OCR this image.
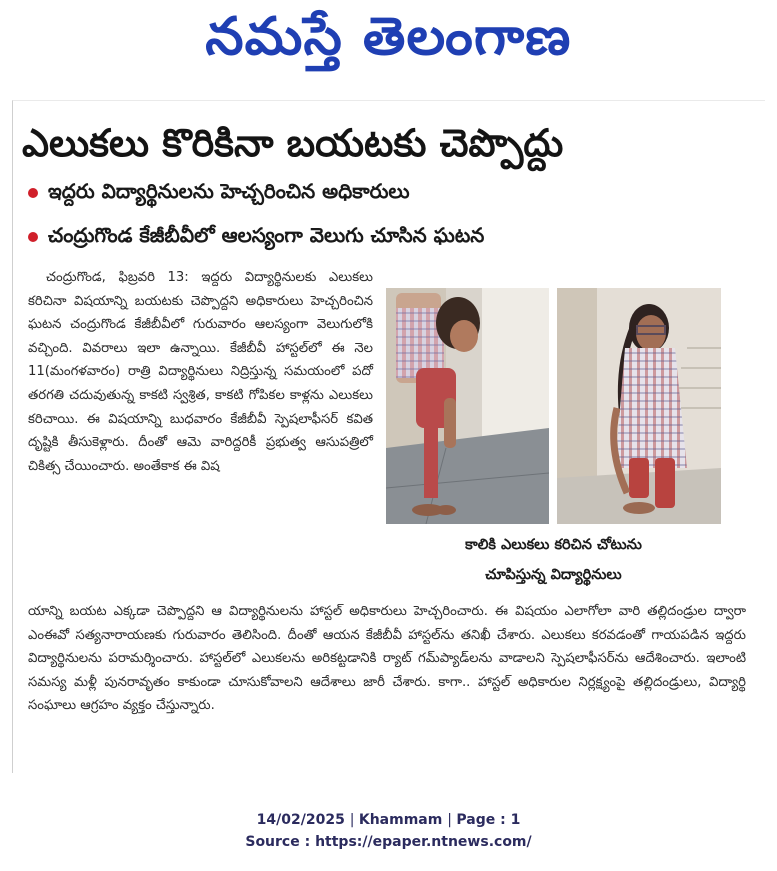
నమస్తే తెలంగాణ
ఎలుకలు కొరికినా బయటకు చెప్పొద్దు
ఇద్దరు విద్యార్థినులను హెచ్చరించిన అధికారులు
చంద్రుగొండ కేజీబీవీలో ఆలస్యంగా వెలుగు చూసిన ఘటన

చంద్రుగొండ, ఫిబ్రవరి 13: ఇద్దరు విద్యార్థినులకు ఎలుకలు కరిచినా విషయాన్ని బయటకు చెప్పొద్దని అధికారులు హెచ్చరించిన ఘటన చంద్రుగొండ కేజీబీవీలో గురువారం ఆలస్యంగా వెలుగులోకి వచ్చింది. వివరాలు ఇలా ఉన్నాయి. కేజీబీవీ హాస్టల్‌లో ఈ నెల 11(మంగళవారం) రాత్రి విద్యార్థినులు నిద్రిస్తున్న సమయంలో పదో తరగతి చదువుతున్న కాకటి స్వశ్రిత, కాకటి గోపికల కాళ్లను ఎలుకలు కరిచాయి. ఈ విషయాన్ని బుధవారం కేజీబీవీ స్పెషలాఫీసర్ కవిత దృష్టికి తీసుకెళ్లారు. దీంతో ఆమె వారిద్దరికీ ప్రభుత్వ ఆసుపత్రిలో చికిత్స చేయించారు. అంతేకాక ఈ విష

కాలికి ఎలుకలు కరిచిన చోటును
చూపిస్తున్న విద్యార్థినులు

యాన్ని బయట ఎక్కడా చెప్పొద్దని ఆ విద్యార్థినులను హాస్టల్ అధికారులు హెచ్చరించారు. ఈ విషయం ఎలాగోలా వారి తల్లిదండ్రుల ద్వారా ఎంఈవో సత్యనారాయణకు గురువారం తెలిసింది. దీంతో ఆయన కేజీబీవీ హాస్టల్‌ను తనిఖీ చేశారు. ఎలుకలు కరవడంతో గాయపడిన ఇద్దరు విద్యార్థినులను పరామర్శించారు. హాస్టల్‌లో ఎలుకలను అరికట్టడానికి ర్యాట్ గమ్‌ప్యాడ్‌లను వాడాలని స్పెషలాఫీసర్‌ను ఆదేశించారు. ఇలాంటి సమస్య మళ్లీ పునరావృతం కాకుండా చూసుకోవాలని ఆదేశాలు జారీ చేశారు. కాగా.. హాస్టల్ అధికారుల నిర్లక్ష్యంపై తల్లిదండ్రులు, విద్యార్థి సంఘాలు ఆగ్రహం వ్యక్తం చేస్తున్నారు.

14/02/2025 | Khammam | Page : 1
Source : https://epaper.ntnews.com/
